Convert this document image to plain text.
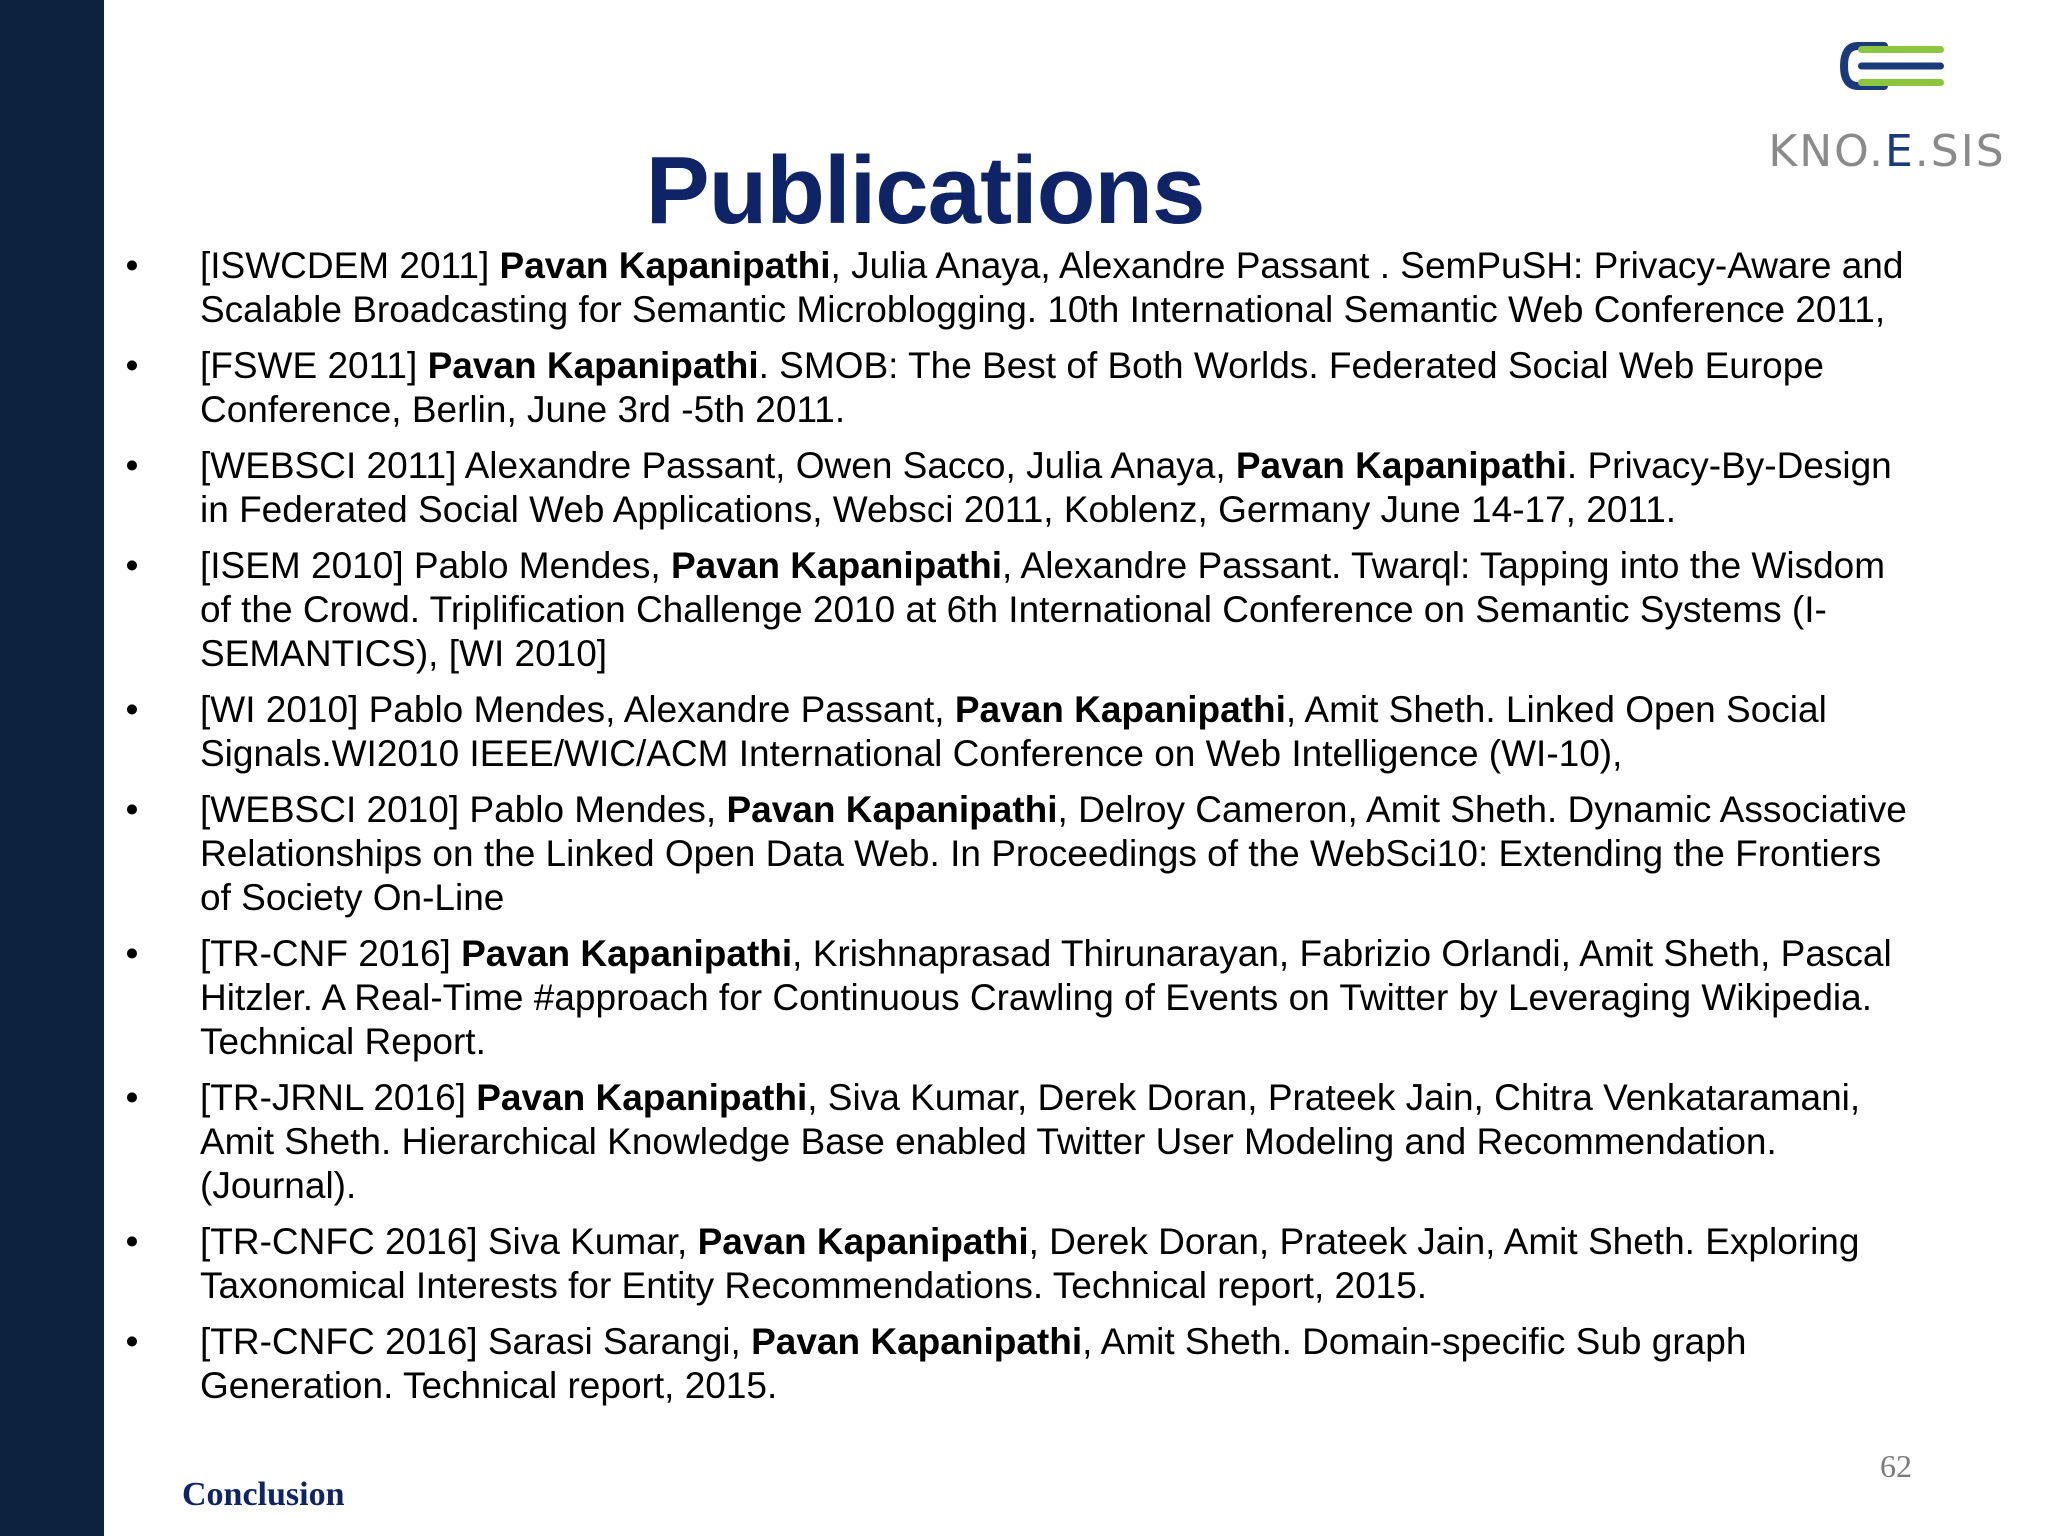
KNO.E.SIS
Publications
• [ISWCDEM 2011] Pavan Kapanipathi, Julia Anaya, Alexandre Passant . SemPuSH: Privacy-Aware and Scalable Broadcasting for Semantic Microblogging. 10th International Semantic Web Conference 2011,
• [FSWE 2011] Pavan Kapanipathi. SMOB: The Best of Both Worlds. Federated Social Web Europe Conference, Berlin, June 3rd -5th 2011.
• [WEBSCI 2011] Alexandre Passant, Owen Sacco, Julia Anaya, Pavan Kapanipathi. Privacy-By-Design in Federated Social Web Applications, Websci 2011, Koblenz, Germany June 14-17, 2011.
• [ISEM 2010] Pablo Mendes, Pavan Kapanipathi, Alexandre Passant. Twarql: Tapping into the Wisdom of the Crowd. Triplification Challenge 2010 at 6th International Conference on Semantic Systems (I-SEMANTICS), [WI 2010]
• [WI 2010] Pablo Mendes, Alexandre Passant, Pavan Kapanipathi, Amit Sheth. Linked Open Social Signals.WI2010 IEEE/WIC/ACM International Conference on Web Intelligence (WI-10),
• [WEBSCI 2010] Pablo Mendes, Pavan Kapanipathi, Delroy Cameron, Amit Sheth. Dynamic Associative Relationships on the Linked Open Data Web. In Proceedings of the WebSci10: Extending the Frontiers of Society On-Line
• [TR-CNF 2016] Pavan Kapanipathi, Krishnaprasad Thirunarayan, Fabrizio Orlandi, Amit Sheth, Pascal Hitzler. A Real-Time #approach for Continuous Crawling of Events on Twitter by Leveraging Wikipedia. Technical Report.
• [TR-JRNL 2016] Pavan Kapanipathi, Siva Kumar, Derek Doran, Prateek Jain, Chitra Venkataramani, Amit Sheth. Hierarchical Knowledge Base enabled Twitter User Modeling and Recommendation. (Journal).
• [TR-CNFC 2016] Siva Kumar, Pavan Kapanipathi, Derek Doran, Prateek Jain, Amit Sheth. Exploring Taxonomical Interests for Entity Recommendations. Technical report, 2015.
• [TR-CNFC 2016] Sarasi Sarangi, Pavan Kapanipathi, Amit Sheth. Domain-specific Sub graph Generation. Technical report, 2015.
62
Conclusion
